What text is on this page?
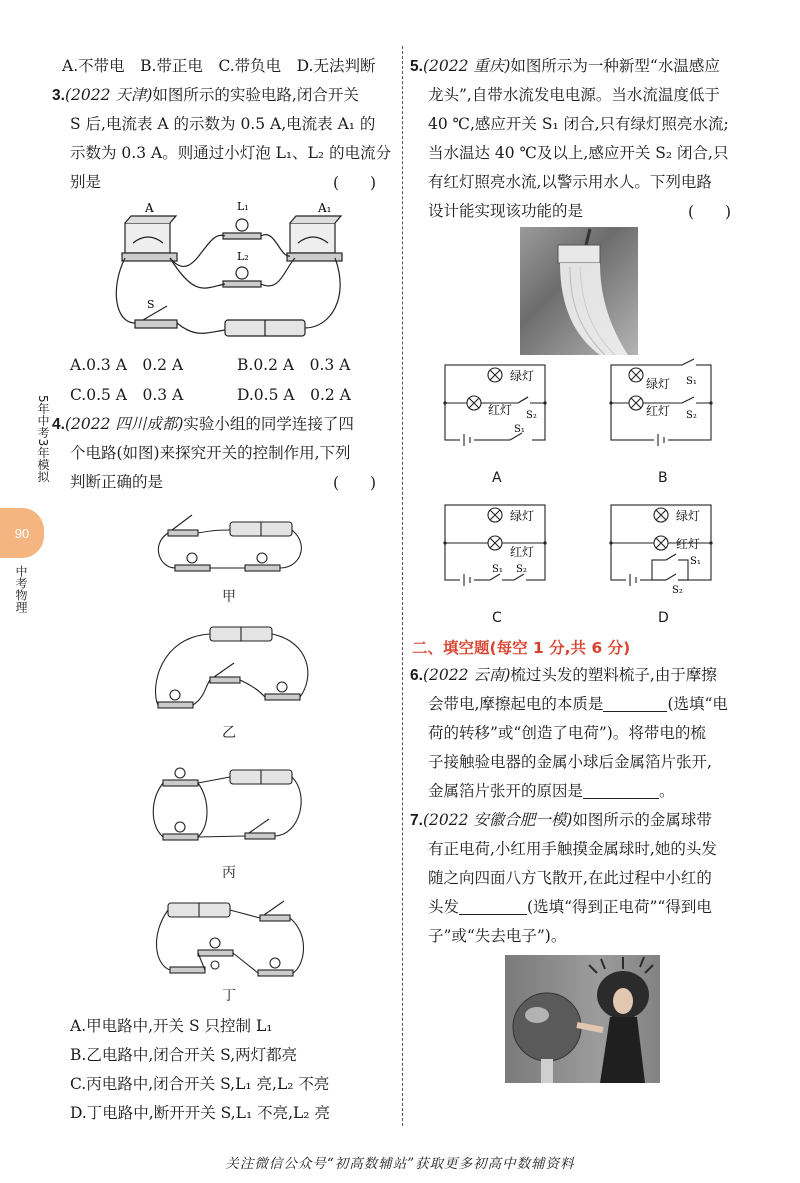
5年中考3年模拟
90
中考物理
A.不带电　B.带正电　C.带负电　D.无法判断
3.(2022 天津)如图所示的实验电路,闭合开关
S 后,电流表 A 的示数为 0.5 A,电流表 A₁ 的
示数为 0.3 A。则通过小灯泡 L₁、L₂ 的电流分
别是	(　　)
A	A₁
L₁
L₂
S
A.0.3 A　0.2 A	B.0.2 A　0.3 A
C.0.5 A　0.3 A	D.0.5 A　0.2 A
4.(2022 四川成都)实验小组的同学连接了四
个电路(如图)来探究开关的控制作用,下列
判断正确的是	(　　)
甲
乙
丙
丁
A.甲电路中,开关 S 只控制 L₁
B.乙电路中,闭合开关 S,两灯都亮
C.丙电路中,闭合开关 S,L₁ 亮,L₂ 不亮
D.丁电路中,断开开关 S,L₁ 不亮,L₂ 亮
5.(2022 重庆)如图所示为一种新型“水温感应
龙头”,自带水流发电电源。当水流温度低于
40 ℃,感应开关 S₁ 闭合,只有绿灯照亮水流;
当水温达 40 ℃及以上,感应开关 S₂ 闭合,只
有红灯照亮水流,以警示用水人。下列电路
设计能实现该功能的是	(　　)
绿灯
红灯 S₂
S₁
A
绿灯
红灯
S₁
S₂
B
绿灯
红灯
S₁ S₂
C
绿灯
红灯
S₁
S₂
D
二、填空题(每空 1 分,共 6 分)
6.(2022 云南)梳过头发的塑料梳子,由于摩擦
会带电,摩擦起电的本质是	(选填“电
荷的转移”或“创造了电荷”)。将带电的梳
子接触验电器的金属小球后金属箔片张开,
金属箔片张开的原因是	。
7.(2022 安徽合肥一模)如图所示的金属球带
有正电荷,小红用手触摸金属球时,她的头发
随之向四面八方飞散开,在此过程中小红的
头发	(选填“得到正电荷”“得到电
子”或“失去电子”)。
关注微信公众号“初高数辅站”获取更多初高中数辅资料
